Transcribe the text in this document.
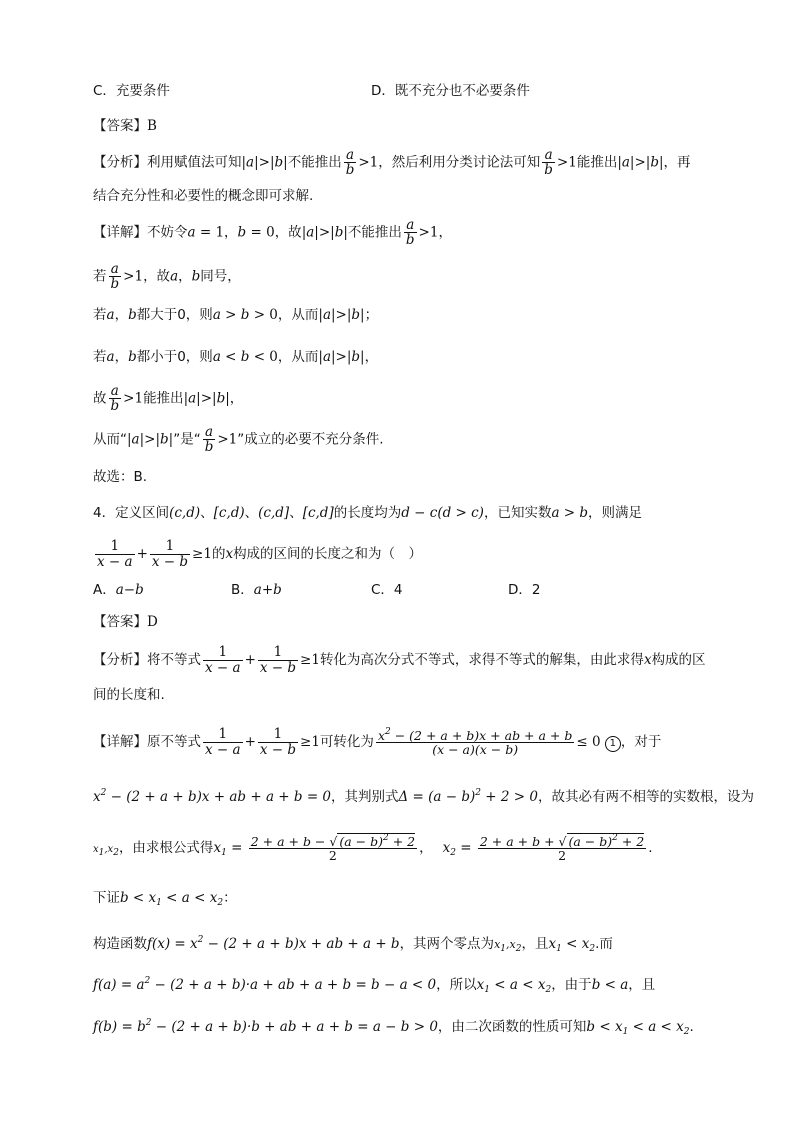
C．充要条件	D．既不充分也不必要条件
【答案】B
【分析】利用赋值法可知|a|>|b|不能推出 $\frac{a}{b} >1$，然后利用分类讨论法可知 $\frac{a}{b} >1$能推出|a|>|b|，再
结合充分性和必要性的概念即可求解.
【详解】不妨令a = 1，b = 0，故|a|>|b|不能推出 $\frac{a}{b} >1$，
若 $\frac{a}{b} >1$，故a，b同号，
若a，b都大于0，则a > b > 0，从而|a|>|b|；
若a，b都小于0，则a < b < 0，从而|a|>|b|，
故 $\frac{a}{b} >1$能推出|a|>|b|，
从而“|a|>|b|”是“ $\frac{a}{b} >1$”成立的必要不充分条件.
故选：B.
4．定义区间(c,d)、[c,d)、(c,d]、[c,d]的长度均为d − c(d > c)，已知实数a > b，则满足
$\frac{1}{x - a} + \frac{1}{x - b} \ge 1$的x构成的区间的长度之和为（　）
A．a−b	B．a+b	C．4	D．2
【答案】D
【分析】将不等式 $\frac{1}{x - a} + \frac{1}{x - b} \ge 1$转化为高次分式不等式，求得不等式的解集，由此求得x构成的区
间的长度和.
【详解】原不等式 $\frac{1}{x - a} + \frac{1}{x - b} \ge 1$可转化为 $\frac{x^2 - (2 + a + b)x + ab + a + b}{(x - a)(x - b)} \le 0$ 1 ，对于
$x^2 - (2 + a + b)x$ + ab + a + b = 0，其判别式$\Delta = (a - b)^2 + 2 > 0$，故其必有两不相等的实数根，设为
$x_1,x_2$，由求根公式得$x_1 = \frac{2 + a + b - √ (a - b)^2 + 2}{2}$ ， $x_2 = \frac{2 + a + b + √ (a - b)^2 + 2}{2}$ .
下证$b < x_1 < a < x_2$：
构造函数$f(x) = x^2 - (2 + a + b)x$ + ab + a + b，其两个零点为$x_1,x_2$，且$x_1 < x_2$.而
$f(a) = a^2 - (2 + a + b)\cdot a$ + ab + a + b = b − a < 0，所以$x_1 < a < x_2$，由于b < a，且
$f(b) = b^2 - (2 + a + b)\cdot b$ + ab + a + b = a − b > 0，由二次函数的性质可知$b < x_1 < a < x_2$.
